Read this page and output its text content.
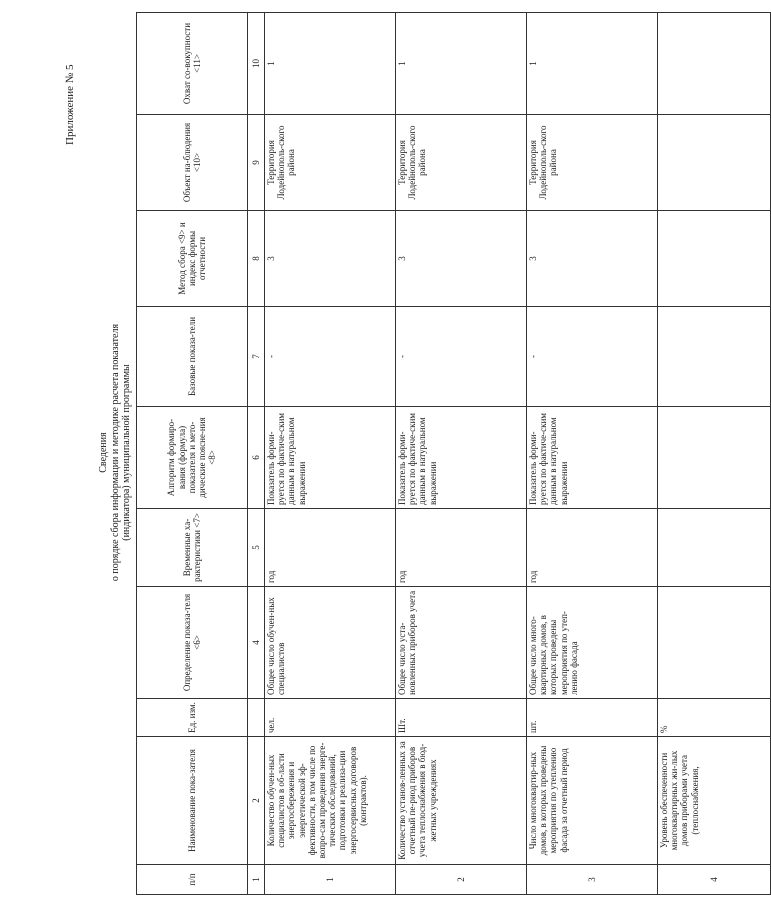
Приложение № 5
Сведения о порядке сбора информации и методике расчета показателя (индикатора) муниципальной программы
п/п	Наименование пока-зателя	Ед. изм.	Определение показа-теля <6>	Временные ха-рактеристики <7>	Алгоритм формиро-вания (формула) показателя и мето-дические поясне-ния <8>	Базовые показа-тели	Метод сбора <9> и индекс формы отчетности	Объект на-блюдения <10>	Охват со-вокупности <11>
1	2		4	5	6	7	8	9	10
1	Количество обучен-ных специалистов в об-ласти энергосбережения и энергетической эф-фективности, в том числе по вопро-сам проведения энерге-тических обследований, подготовки и реализа-ции энергосервисных договоров (контрактов).	чел.	Общее число обучен-ных специалистов	год	Показатель форми-руется по фактиче-ским данным в натуральном выражении	-	3	Территория Лодейнополь-ского района	1
2	Количество установ-ленных за отчетный пе-риод приборов учета теплоснабжения в бюд-жетных учреждениях	Шт.	Общее число уста-новленных приборов учета	год	Показатель форми-руется по фактиче-ским данным в натуральном выражении	-	3	Территория Лодейнополь-ского района	1
3	Число многоквартир-ных домов, в которых проведены мероприятия по утеплению фасада за отчетный период	шт.	Общее число много-квартирных домов, в которых проведены мероприятия по утеп-лению фасада	год	Показатель форми-руется по фактиче-ским данным в натуральном выражении	-	3	Территория Лодейнополь-ского района	1
4	Уровень обеспеченности многоквартирных жи-лых домов приборами учета (теплоснабжения,	%							
